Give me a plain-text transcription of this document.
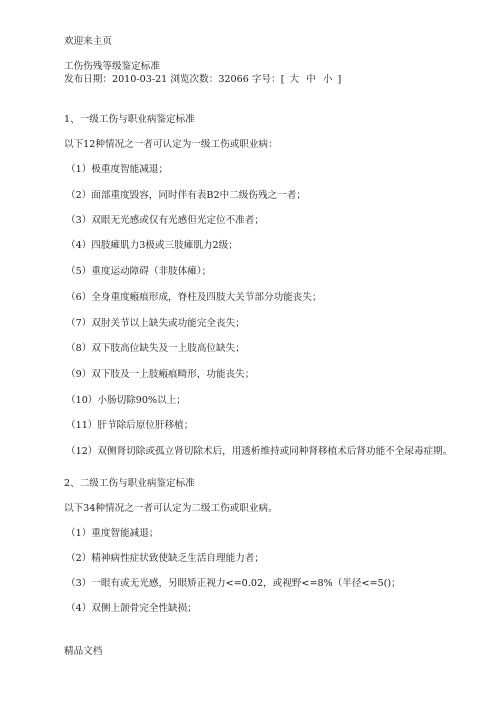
欢迎来主页
工伤伤残等级鉴定标准
发布日期：2010-03-21 浏览次数：32066 字号：[ 大 中 小 ]
1、一级工伤与职业病鉴定标准
以下12种情况之一者可认定为一级工伤或职业病：
（1）极重度智能减退；
（2）面部重度毁容，同时伴有表B2中二级伤残之一者；
（3）双眼无光感或仅有光感但光定位不准者；
（4）四肢瘫肌力3极或三肢瘫肌力2级；
（5）重度运动障碍（非肢体瘫）；
（6）全身重度瘢痕形成，脊柱及四肢大关节部分功能丧失；
（7）双肘关节以上缺失或功能完全丧失；
（8）双下肢高位缺失及一上肢高位缺失；
（9）双下肢及一上肢瘢痕畸形，功能丧失；
（10）小肠切除90%以上；
（11）肝节除后原位肝移植；
（12）双侧肾切除或孤立肾切除术后，用透析维持或同种肾移植术后肾功能不全尿毒症期。
2、二级工伤与职业病鉴定标准
以下34种情况之一者可认定为二级工伤或职业病。
（1）重度智能减退；
（2）精神病性症状致使缺乏生活自理能力者；
（3）一眼有或无光感，另眼矫正视力<=0.02，或视野<=8%（半径<=5()；
（4）双侧上颌骨完全性缺损；
精品文档
